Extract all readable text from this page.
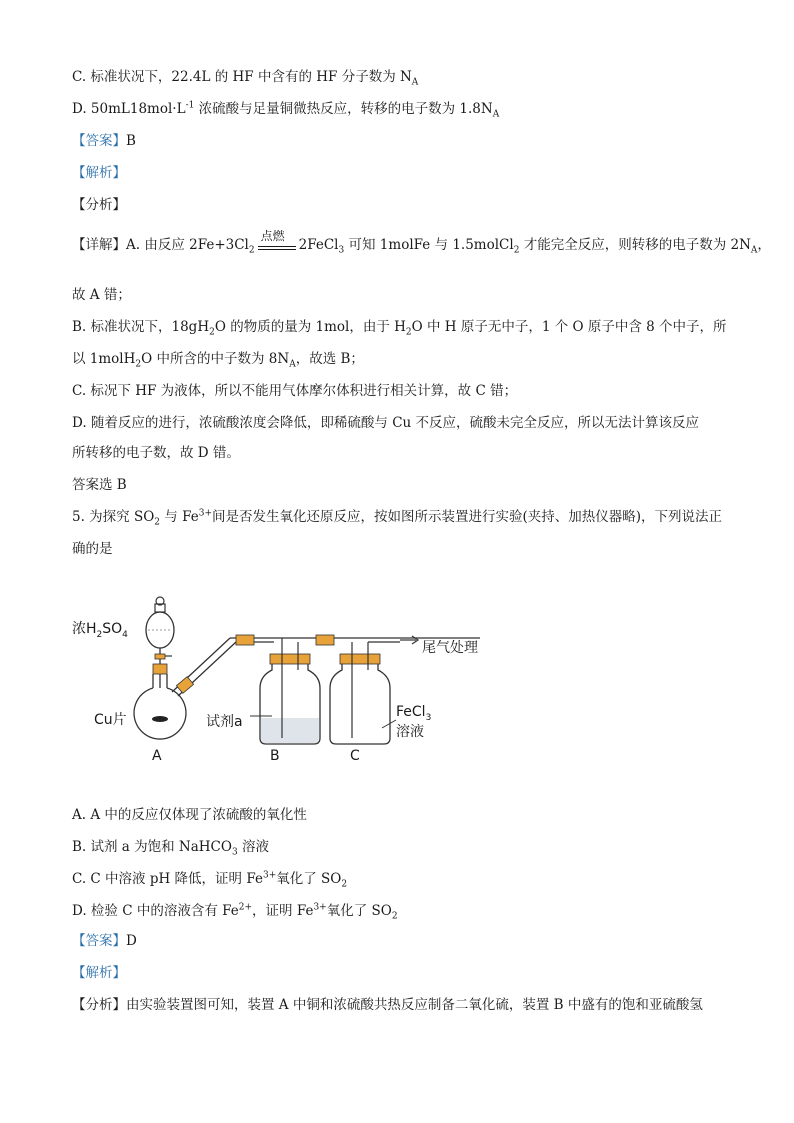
C. 标准状况下，22.4L 的 HF 中含有的 HF 分子数为 $N_A$
D. $50mL18mol\cdot L^{-1}$ 浓硫酸与足量铜微热反应，转移的电子数为 $1.8N_A$
【答案】B
【解析】
【分析】
【详解】A. 由反应 $2Fe+3Cl_2$
点燃
2FeCl$_3$ 可知 1molFe 与 1.5molCl$_2$ 才能完全反应，则转移的电子数为 $2N_A$，
故 A 错；
B. 标准状况下，$18gH_2O$ 的物质的量为 1mol，由于 $H_2O$ 中 H 原子无中子，1 个 O 原子中含 8 个中子，所
以 1molH$_2$O 中所含的中子数为 $8N_A$，故选 B；
C. 标况下 HF 为液体，所以不能用气体摩尔体积进行相关计算，故 C 错；
D. 随着反应的进行，浓硫酸浓度会降低，即稀硫酸与 Cu 不反应，硫酸未完全反应，所以无法计算该反应
所转移的电子数，故 D 错。
答案选 B
5. 为探究 $SO_2$ 与 $Fe^{3+}$间是否发生氧化还原反应，按如图所示装置进行实验(夹持、加热仪器略)，下列说法正
确的是
浓$H_2SO_4$
Cu片	试剂a
FeCl$_3$
溶液
尾气处理
A	B	C
A. A 中的反应仅体现了浓硫酸的氧化性
B. 试剂 a 为饱和 NaHCO$_3$ 溶液
C. C 中溶液 pH 降低，证明 $Fe^{3+}$氧化了 $SO_2$
D. 检验 C 中的溶液含有 $Fe^{2+}$，证明 $Fe^{3+}$氧化了 $SO_2$
【答案】D
【解析】
【分析】由实验装置图可知，装置 A 中铜和浓硫酸共热反应制备二氧化硫，装置 B 中盛有的饱和亚硫酸氢
